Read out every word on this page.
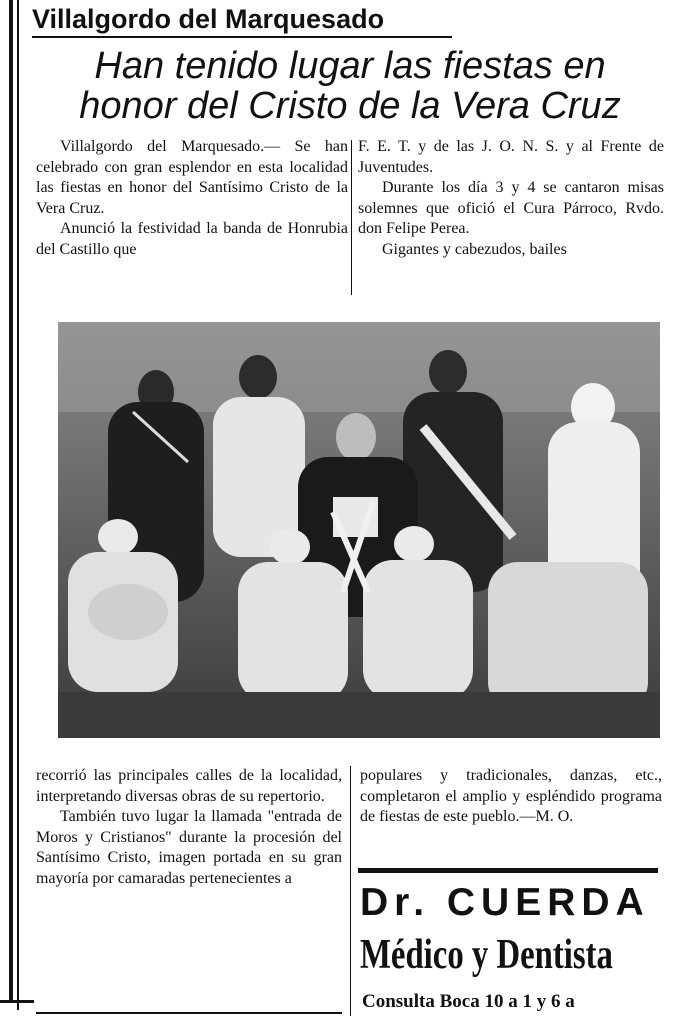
Villalgordo del Marquesado
Han tenido lugar las fiestas en
honor del Cristo de la Vera Cruz

Villalgordo del Marquesado.— Se han celebrado con gran esplendor en esta localidad las fiestas en honor del Santísimo Cristo de la Vera Cruz.

Anunció la festividad la banda de Honrubia del Castillo que

F. E. T. y de las J. O. N. S. y al Frente de Juventudes.

Durante los día 3 y 4 se cantaron misas solemnes que ofició el Cura Párroco, Rvdo. don Felipe Perea.

Gigantes y cabezudos, bailes

recorrió las principales calles de la localidad, interpretando diversas obras de su repertorio.

También tuvo lugar la llamada "entrada de Moros y Cristianos" durante la procesión del Santísimo Cristo, imagen portada en su gran mayoría por camaradas pertenecientes a

populares y tradicionales, danzas, etc., completaron el amplio y espléndido programa de fiestas de este pueblo.—M. O.

Dr. CUERDA
Médico y Dentista
Consulta Boca 10 a 1 y 6 a
